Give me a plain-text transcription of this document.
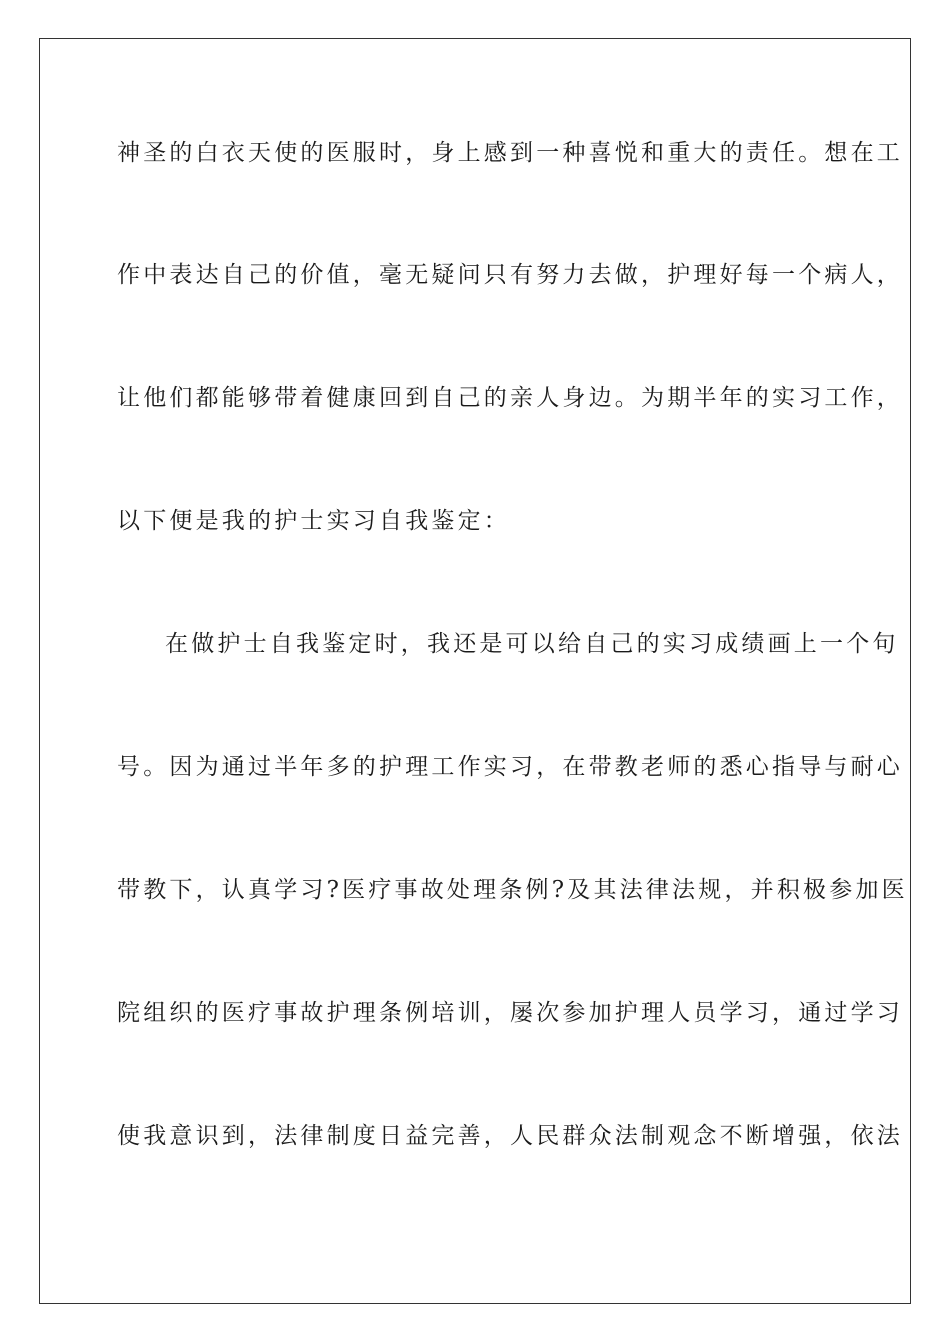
神圣的白衣天使的医服时，身上感到一种喜悦和重大的责任。想在工
作中表达自己的价值，毫无疑问只有努力去做，护理好每一个病人，
让他们都能够带着健康回到自己的亲人身边。为期半年的实习工作，
以下便是我的护士实习自我鉴定：
在做护士自我鉴定时，我还是可以给自己的实习成绩画上一个句
号。因为通过半年多的护理工作实习，在带教老师的悉心指导与耐心
带教下，认真学习?医疗事故处理条例?及其法律法规，并积极参加医
院组织的医疗事故护理条例培训，屡次参加护理人员学习，通过学习
使我意识到，法律制度日益完善，人民群众法制观念不断增强，依法
